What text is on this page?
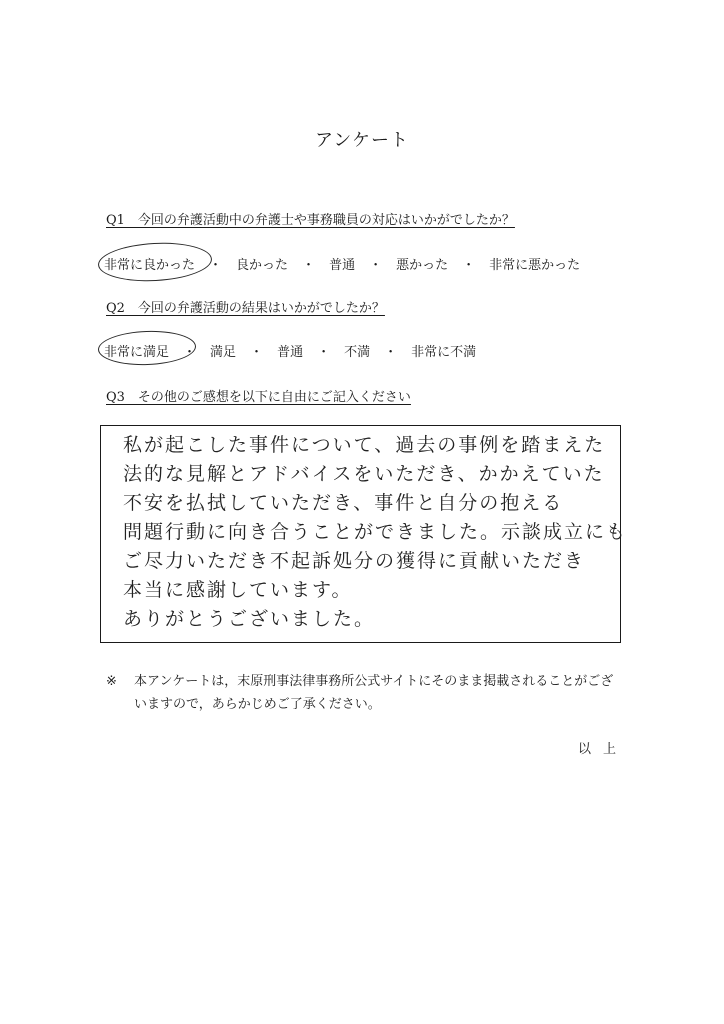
アンケート
Q1　今回の弁護活動中の弁護士や事務職員の対応はいかがでしたか？
非常に良かった ・ 良かった ・ 普通 ・ 悪かった ・ 非常に悪かった
Q2　今回の弁護活動の結果はいかがでしたか？
非常に満足 ・ 満足 ・ 普通 ・ 不満 ・ 非常に不満
Q3　その他のご感想を以下に自由にご記入ください
私が起こした事件について、過去の事例を踏まえた
法的な見解とアドバイスをいただき、かかえていた
不安を払拭していただき、事件と自分の抱える
問題行動に向き合うことができました。示談成立にも
ご尽力いただき不起訴処分の獲得に貢献いただき
本当に感謝しています。
ありがとうございました。
※	本アンケートは，末原刑事法律事務所公式サイトにそのまま掲載されることがございますので，あらかじめご了承ください。
以上
